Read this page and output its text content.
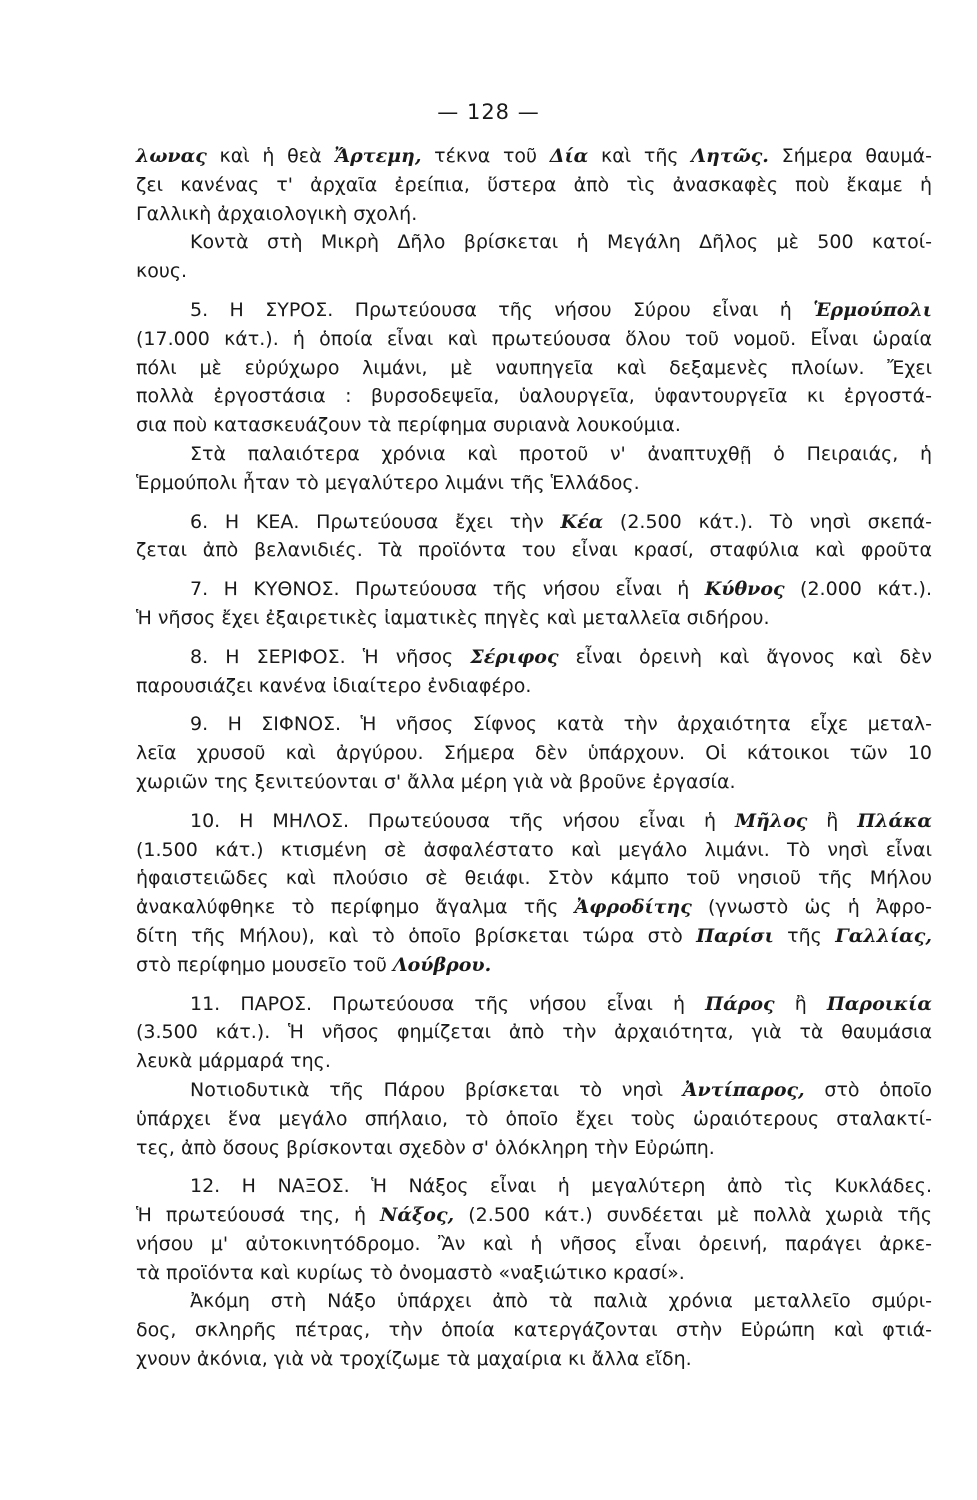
— 128 —
λωνας καὶ ἡ θεὰ Ἄρτεμη, τέκνα τοῦ Δία καὶ τῆς Λητῶς. Σήμερα θαυμά-
ζει κανένας τ' ἀρχαῖα ἐρείπια, ὕστερα ἀπὸ τὶς ἀνασκαφὲς ποὺ ἔκαμε ἡ
Γαλλικὴ ἀρχαιολογικὴ σχολή.
Κοντὰ στὴ Μικρὴ Δῆλο βρίσκεται ἡ Μεγάλη Δῆλος μὲ 500 κατοί-
κους.
5. Η ΣΥΡΟΣ. Πρωτεύουσα τῆς νήσου Σύρου εἶναι ἡ Ἑρμούπολι
(17.000 κάτ.). ἡ ὁποία εἶναι καὶ πρωτεύουσα ὅλου τοῦ νομοῦ. Εἶναι ὡραία
πόλι μὲ εὐρύχωρο λιμάνι, μὲ ναυπηγεῖα καὶ δεξαμενὲς πλοίων. Ἔχει
πολλὰ ἐργοστάσια : βυρσοδεψεῖα, ὑαλουργεῖα, ὑφαντουργεῖα κι ἐργοστά-
σια ποὺ κατασκευάζουν τὰ περίφημα συριανὰ λουκούμια.
Στὰ παλαιότερα χρόνια καὶ προτοῦ ν' ἀναπτυχθῇ ὁ Πειραιάς, ἡ
Ἑρμούπολι ἦταν τὸ μεγαλύτερο λιμάνι τῆς Ἑλλάδος.
6. Η ΚΕΑ. Πρωτεύουσα ἔχει τὴν Κέα (2.500 κάτ.). Τὸ νησὶ σκεπά-
ζεται ἀπὸ βελανιδιές. Τὰ προϊόντα του εἶναι κρασί, σταφύλια καὶ φροῦτα
7. Η ΚΥΘΝΟΣ. Πρωτεύουσα τῆς νήσου εἶναι ἡ Κύθνος (2.000 κάτ.).
Ἡ νῆσος ἔχει ἐξαιρετικὲς ἰαματικὲς πηγὲς καὶ μεταλλεῖα σιδήρου.
8. Η ΣΕΡΙΦΟΣ. Ἡ νῆσος Σέριφος εἶναι ὀρεινὴ καὶ ἄγονος καὶ δὲν
παρουσιάζει κανένα ἰδιαίτερο ἐνδιαφέρο.
9. Η ΣΙΦΝΟΣ. Ἡ νῆσος Σίφνος κατὰ τὴν ἀρχαιότητα εἶχε μεταλ-
λεῖα χρυσοῦ καὶ ἀργύρου. Σήμερα δὲν ὑπάρχουν. Οἱ κάτοικοι τῶν 10
χωριῶν της ξενιτεύονται σ' ἄλλα μέρη γιὰ νὰ βροῦνε ἐργασία.
10. Η ΜΗΛΟΣ. Πρωτεύουσα τῆς νήσου εἶναι ἡ Μῆλος ἢ Πλάκα
(1.500 κάτ.) κτισμένη σὲ ἀσφαλέστατο καὶ μεγάλο λιμάνι. Τὸ νησὶ εἶναι
ἡφαιστειῶδες καὶ πλούσιο σὲ θειάφι. Στὸν κάμπο τοῦ νησιοῦ τῆς Μήλου
ἀνακαλύφθηκε τὸ περίφημο ἄγαλμα τῆς Ἀφροδίτης (γνωστὸ ὡς ἡ Ἀφρο-
δίτη τῆς Μήλου), καὶ τὸ ὁποῖο βρίσκεται τώρα στὸ Παρίσι τῆς Γαλλίας,
στὸ περίφημο μουσεῖο τοῦ Λούβρου.
11. ΠΑΡΟΣ. Πρωτεύουσα τῆς νήσου εἶναι ἡ Πάρος ἢ Παροικία
(3.500 κάτ.). Ἡ νῆσος φημίζεται ἀπὸ τὴν ἀρχαιότητα, γιὰ τὰ θαυμάσια
λευκὰ μάρμαρά της.
Νοτιοδυτικὰ τῆς Πάρου βρίσκεται τὸ νησὶ Ἀντίπαρος, στὸ ὁποῖο
ὑπάρχει ἕνα μεγάλο σπήλαιο, τὸ ὁποῖο ἔχει τοὺς ὡραιότερους σταλακτί-
τες, ἀπὸ ὅσους βρίσκονται σχεδὸν σ' ὁλόκληρη τὴν Εὐρώπη.
12. Η ΝΑΞΟΣ. Ἡ Νάξος εἶναι ἡ μεγαλύτερη ἀπὸ τὶς Κυκλάδες.
Ἡ πρωτεύουσά της, ἡ Νάξος, (2.500 κάτ.) συνδέεται μὲ πολλὰ χωριὰ τῆς
νήσου μ' αὐτοκινητόδρομο. Ἂν καὶ ἡ νῆσος εἶναι ὀρεινή, παράγει ἀρκε-
τὰ προϊόντα καὶ κυρίως τὸ ὀνομαστὸ «ναξιώτικο κρασί».
Ἀκόμη στὴ Νάξο ὑπάρχει ἀπὸ τὰ παλιὰ χρόνια μεταλλεῖο σμύρι-
δος, σκληρῆς πέτρας, τὴν ὁποία κατεργάζονται στὴν Εὐρώπη καὶ φτιά-
χνουν ἀκόνια, γιὰ νὰ τροχίζωμε τὰ μαχαίρια κι ἄλλα εἴδη.
